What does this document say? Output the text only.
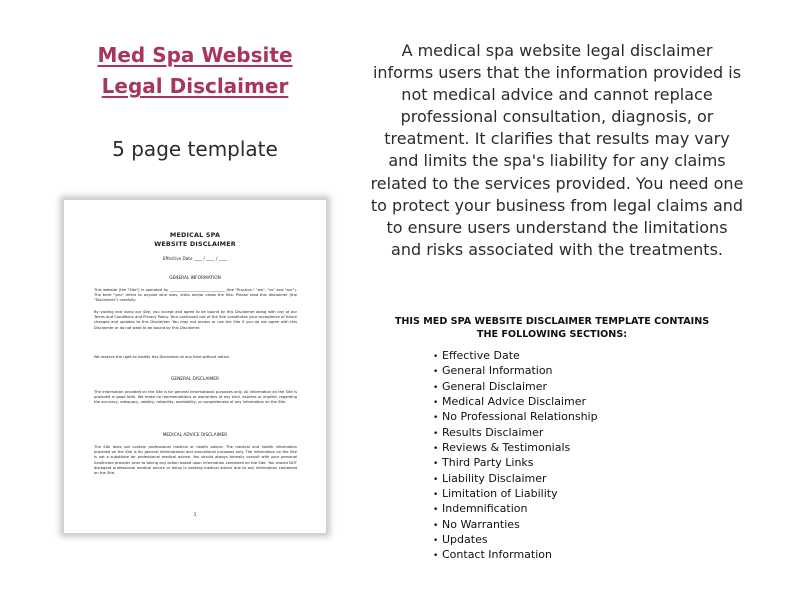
Med Spa Website
Legal Disclaimer
5 page template
MEDICAL SPA
WEBSITE DISCLAIMER
Effective Date ____ / ____ / ____
GENERAL INFORMATION
This website (the "Site") is operated by ______________________________ (the "Practice," "we", "us" and "our"). The term "you" refers to anyone who uses, visits and/or views the Site. Please read this disclaimer (the "Disclaimer") carefully.
By visiting and using our Site, you accept and agree to be bound by this Disclaimer along with any of our Terms and Conditions and Privacy Policy. Your continued use of the Site constitutes your acceptance of future changes and updates to this Disclaimer. You may not access or use the Site if you do not agree with this Disclaimer or do not want to be bound by this Disclaimer.
We reserve the right to modify this Disclaimer at any time without notice.
GENERAL DISCLAIMER
The information provided on the Site is for general informational purposes only. All information on the Site is provided in good faith. We make no representations or warranties of any kind, express or implied, regarding the accuracy, adequacy, validity, reliability, availability, or completeness of any information on the Site.
MEDICAL ADVICE DISCLAIMER
The Site does not contain professional medical or health advice. The medical and health information provided on the Site is for general informational and educational purposes only. The information on the Site is not a substitute for professional medical advice. You should always formally consult with your personal healthcare provider prior to taking any action based upon information contained on the Site. You should NOT disregard professional medical advice or delay in seeking medical advice due to any information contained on the Site.
1

A medical spa website legal disclaimer informs users that the information provided is not medical advice and cannot replace professional consultation, diagnosis, or treatment. It clarifies that results may vary and limits the spa's liability for any claims related to the services provided. You need one to protect your business from legal claims and to ensure users understand the limitations and risks associated with the treatments.

THIS MED SPA WEBSITE DISCLAIMER TEMPLATE CONTAINS
THE FOLLOWING SECTIONS:
• Effective Date
• General Information
• General Disclaimer
• Medical Advice Disclaimer
• No Professional Relationship
• Results Disclaimer
• Reviews & Testimonials
• Third Party Links
• Liability Disclaimer
• Limitation of Liability
• Indemnification
• No Warranties
• Updates
• Contact Information
